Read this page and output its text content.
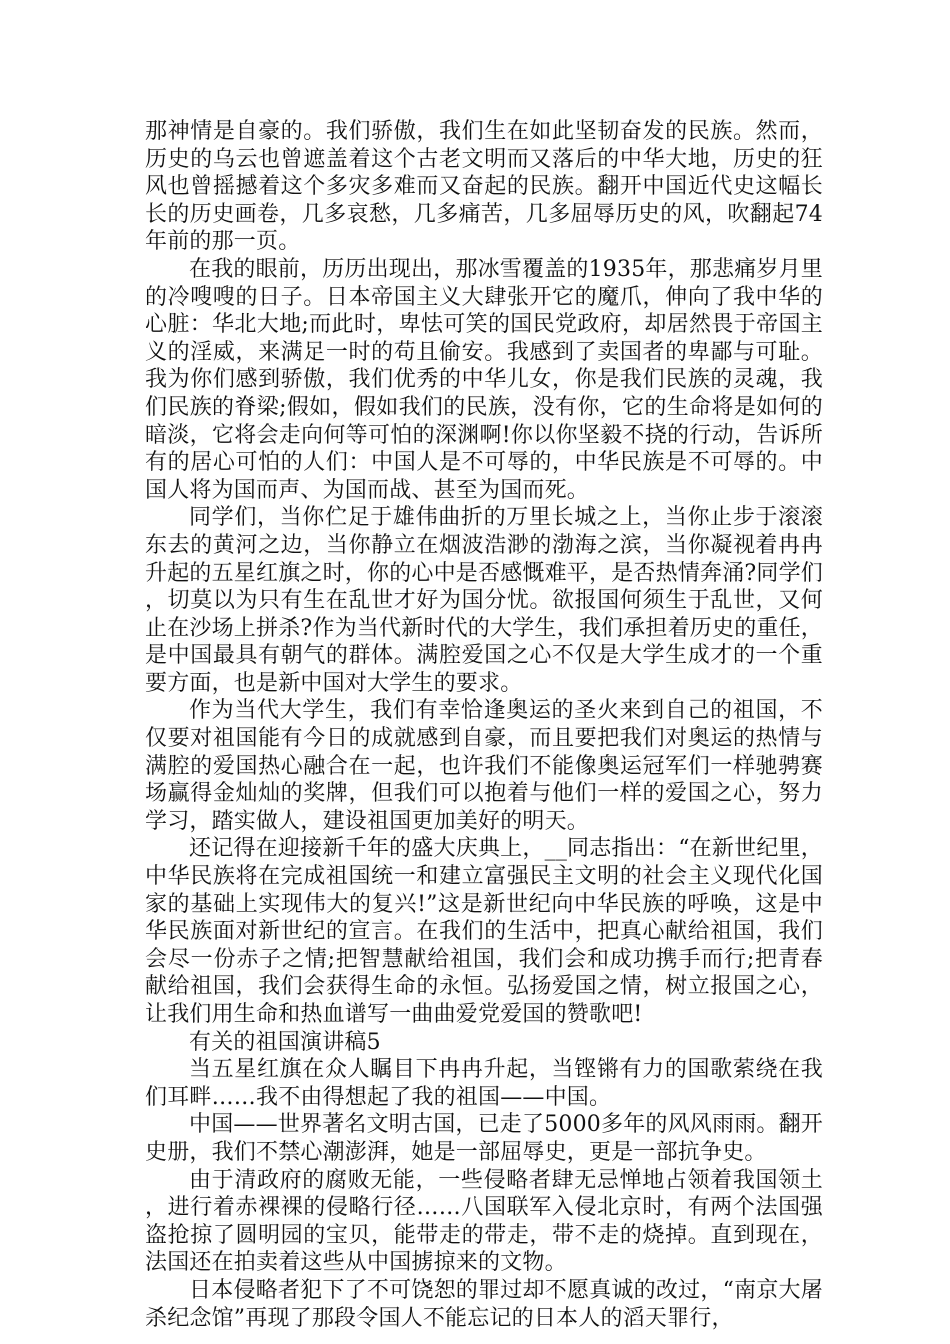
那神情是自豪的。我们骄傲，我们生在如此坚韧奋发的民族。然而，历史的乌云也曾遮盖着这个古老文明而又落后的中华大地，历史的狂风也曾摇撼着这个多灾多难而又奋起的民族。翻开中国近代史这幅长长的历史画卷，几多哀愁，几多痛苦，几多屈辱历史的风，吹翻起74年前的那一页。

在我的眼前，历历出现出，那冰雪覆盖的1935年，那悲痛岁月里的冷嗖嗖的日子。日本帝国主义大肆张开它的魔爪，伸向了我中华的心脏：华北大地;而此时，卑怯可笑的国民党政府，却居然畏于帝国主义的淫威，来满足一时的苟且偷安。我感到了卖国者的卑鄙与可耻。我为你们感到骄傲，我们优秀的中华儿女，你是我们民族的灵魂，我们民族的脊梁;假如，假如我们的民族，没有你，它的生命将是如何的暗淡，它将会走向何等可怕的深渊啊!你以你坚毅不挠的行动，告诉所有的居心可怕的人们：中国人是不可辱的，中华民族是不可辱的。中国人将为国而声、为国而战、甚至为国而死。

同学们，当你伫足于雄伟曲折的万里长城之上，当你止步于滚滚东去的黄河之边，当你静立在烟波浩渺的渤海之滨，当你凝视着冉冉升起的五星红旗之时，你的心中是否感慨难平，是否热情奔涌?同学们，切莫以为只有生在乱世才好为国分忧。欲报国何须生于乱世，又何止在沙场上拼杀?作为当代新时代的大学生，我们承担着历史的重任，是中国最具有朝气的群体。满腔爱国之心不仅是大学生成才的一个重要方面，也是新中国对大学生的要求。

作为当代大学生，我们有幸恰逢奥运的圣火来到自己的祖国，不仅要对祖国能有今日的成就感到自豪，而且要把我们对奥运的热情与满腔的爱国热心融合在一起，也许我们不能像奥运冠军们一样驰骋赛场赢得金灿灿的奖牌，但我们可以抱着与他们一样的爱国之心，努力学习，踏实做人，建设祖国更加美好的明天。

还记得在迎接新千年的盛大庆典上，__同志指出：“在新世纪里，中华民族将在完成祖国统一和建立富强民主文明的社会主义现代化国家的基础上实现伟大的复兴!”这是新世纪向中华民族的呼唤，这是中华民族面对新世纪的宣言。在我们的生活中，把真心献给祖国，我们会尽一份赤子之情;把智慧献给祖国，我们会和成功携手而行;把青春献给祖国，我们会获得生命的永恒。弘扬爱国之情，树立报国之心，让我们用生命和热血谱写一曲曲爱党爱国的赞歌吧!

有关的祖国演讲稿5

当五星红旗在众人瞩目下冉冉升起，当铿锵有力的国歌萦绕在我们耳畔……我不由得想起了我的祖国——中国。

中国——世界著名文明古国，已走了5000多年的风风雨雨。翻开史册，我们不禁心潮澎湃，她是一部屈辱史，更是一部抗争史。

由于清政府的腐败无能，一些侵略者肆无忌惮地占领着我国领土，进行着赤裸裸的侵略行径……八国联军入侵北京时，有两个法国强盗抢掠了圆明园的宝贝，能带走的带走，带不走的烧掉。直到现在，法国还在拍卖着这些从中国掳掠来的文物。

日本侵略者犯下了不可饶恕的罪过却不愿真诚的改过，“南京大屠杀纪念馆”再现了那段令国人不能忘记的日本人的滔天罪行，
